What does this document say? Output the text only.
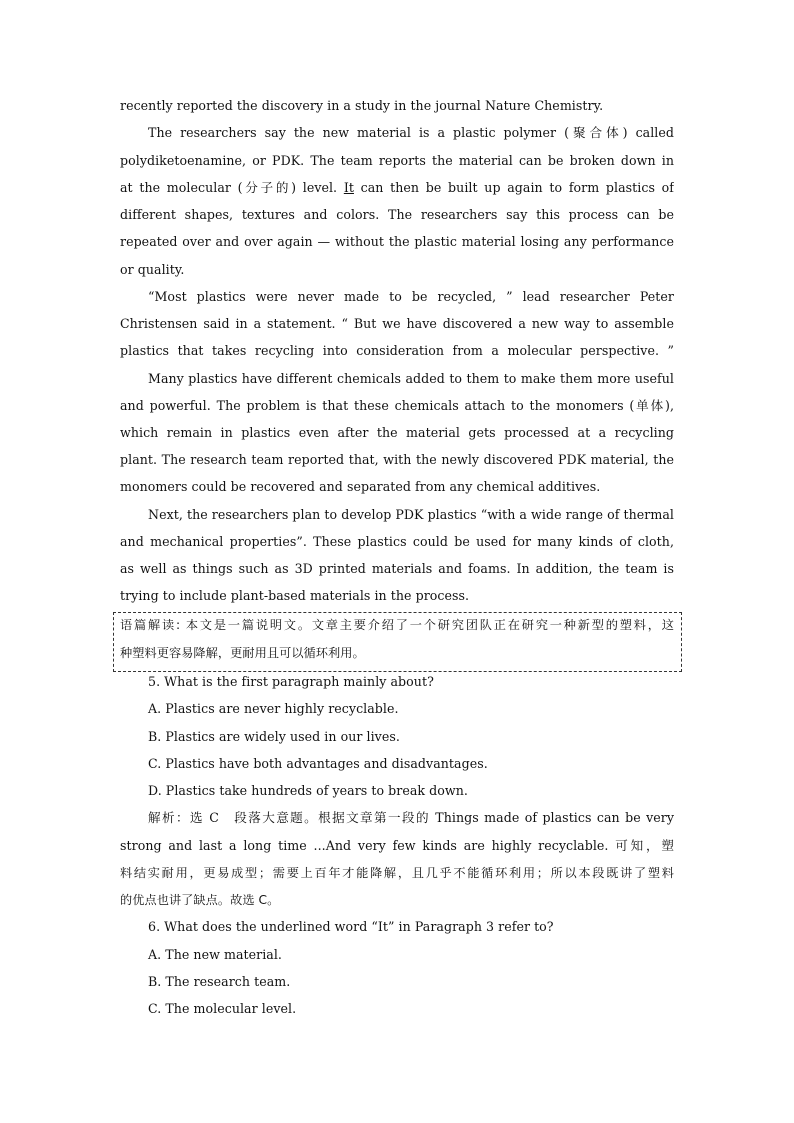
recently reported the discovery in a study in the journal Nature Chemistry.
The researchers say the new material is a plastic polymer (聚合体) called
polydiketoenamine, or PDK. The team reports the material can be broken down in
at the molecular (分子的) level. It can then be built up again to form plastics of
different shapes, textures and colors. The researchers say this process can be
repeated over and over again — without the plastic material losing any performance
or quality.
“Most plastics were never made to be recycled, ” lead researcher Peter
Christensen said in a statement. “ But we have discovered a new way to assemble
plastics that takes recycling into consideration from a molecular perspective. ”
Many plastics have different chemicals added to them to make them more useful
and powerful. The problem is that these chemicals attach to the monomers (单体),
which remain in plastics even after the material gets processed at a recycling
plant. The research team reported that, with the newly discovered PDK material, the
monomers could be recovered and separated from any chemical additives.
Next, the researchers plan to develop PDK plastics “with a wide range of thermal
and mechanical properties”. These plastics could be used for many kinds of cloth,
as well as things such as 3D printed materials and foams. In addition, the team is
trying to include plant-based materials in the process.
语篇解读: 本文是一篇说明文。文章主要介绍了一个研究团队正在研究一种新型的塑料，这
种塑料更容易降解，更耐用且可以循环利用。
5. What is the first paragraph mainly about?
A. Plastics are never highly recyclable.
B. Plastics are widely used in our lives.
C. Plastics have both advantages and disadvantages.
D. Plastics take hundreds of years to break down.
解析：选 C　段落大意题。根据文章第一段的 Things made of plastics can be very
strong and last a long time ...And very few kinds are highly recyclable. 可知，塑
料结实耐用，更易成型；需要上百年才能降解，且几乎不能循环利用；所以本段既讲了塑料
的优点也讲了缺点。故选 C。
6. What does the underlined word “It” in Paragraph 3 refer to?
A. The new material.
B. The research team.
C. The molecular level.
